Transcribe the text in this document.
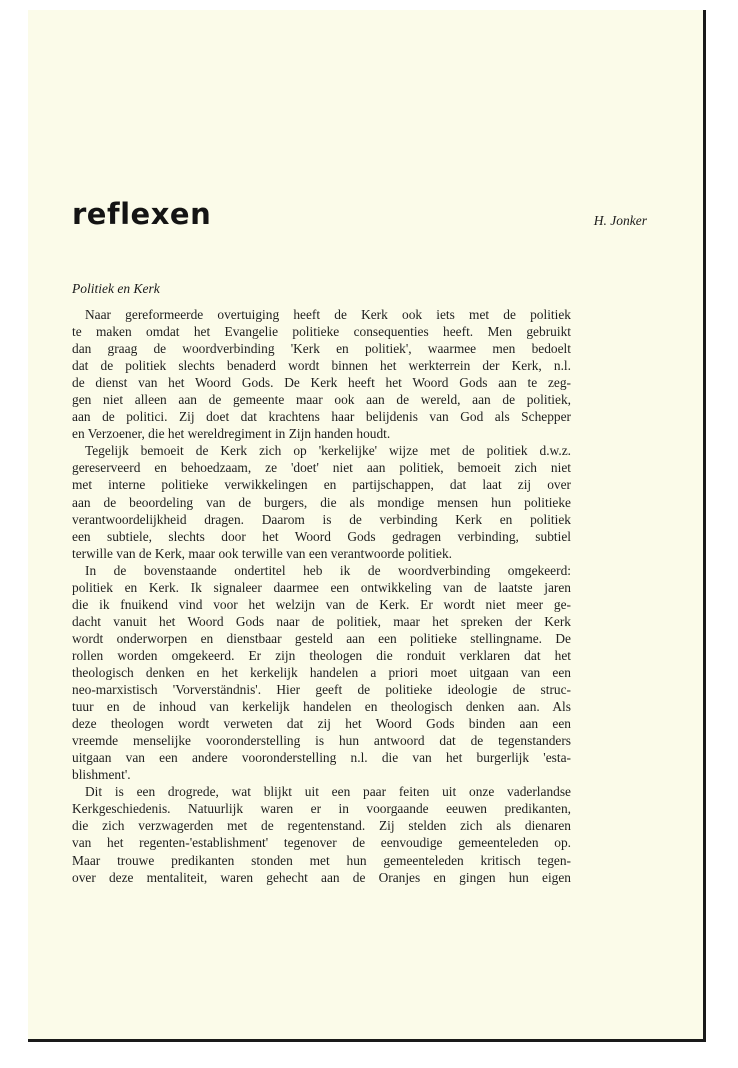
reflexen	H. Jonker
Politiek en Kerk
Naar gereformeerde overtuiging heeft de Kerk ook iets met de politiek
te maken omdat het Evangelie politieke consequenties heeft. Men gebruikt
dan graag de woordverbinding 'Kerk en politiek', waarmee men bedoelt
dat de politiek slechts benaderd wordt binnen het werkterrein der Kerk, n.l.
de dienst van het Woord Gods. De Kerk heeft het Woord Gods aan te zeg-
gen niet alleen aan de gemeente maar ook aan de wereld, aan de politiek,
aan de politici. Zij doet dat krachtens haar belijdenis van God als Schepper
en Verzoener, die het wereldregiment in Zijn handen houdt.
Tegelijk bemoeit de Kerk zich op 'kerkelijke' wijze met de politiek d.w.z.
gereserveerd en behoedzaam, ze 'doet' niet aan politiek, bemoeit zich niet
met interne politieke verwikkelingen en partijschappen, dat laat zij over
aan de beoordeling van de burgers, die als mondige mensen hun politieke
verantwoordelijkheid dragen. Daarom is de verbinding Kerk en politiek
een subtiele, slechts door het Woord Gods gedragen verbinding, subtiel
terwille van de Kerk, maar ook terwille van een verantwoorde politiek.
In de bovenstaande ondertitel heb ik de woordverbinding omgekeerd:
politiek en Kerk. Ik signaleer daarmee een ontwikkeling van de laatste jaren
die ik fnuikend vind voor het welzijn van de Kerk. Er wordt niet meer ge-
dacht vanuit het Woord Gods naar de politiek, maar het spreken der Kerk
wordt onderworpen en dienstbaar gesteld aan een politieke stellingname. De
rollen worden omgekeerd. Er zijn theologen die ronduit verklaren dat het
theologisch denken en het kerkelijk handelen a priori moet uitgaan van een
neo-marxistisch 'Vorverständnis'. Hier geeft de politieke ideologie de struc-
tuur en de inhoud van kerkelijk handelen en theologisch denken aan. Als
deze theologen wordt verweten dat zij het Woord Gods binden aan een
vreemde menselijke vooronderstelling is hun antwoord dat de tegenstanders
uitgaan van een andere vooronderstelling n.l. die van het burgerlijk 'esta-
blishment'.
Dit is een drogrede, wat blijkt uit een paar feiten uit onze vaderlandse
Kerkgeschiedenis. Natuurlijk waren er in voorgaande eeuwen predikanten,
die zich verzwagerden met de regentenstand. Zij stelden zich als dienaren
van het regenten-'establishment' tegenover de eenvoudige gemeenteleden op.
Maar trouwe predikanten stonden met hun gemeenteleden kritisch tegen-
over deze mentaliteit, waren gehecht aan de Oranjes en gingen hun eigen
